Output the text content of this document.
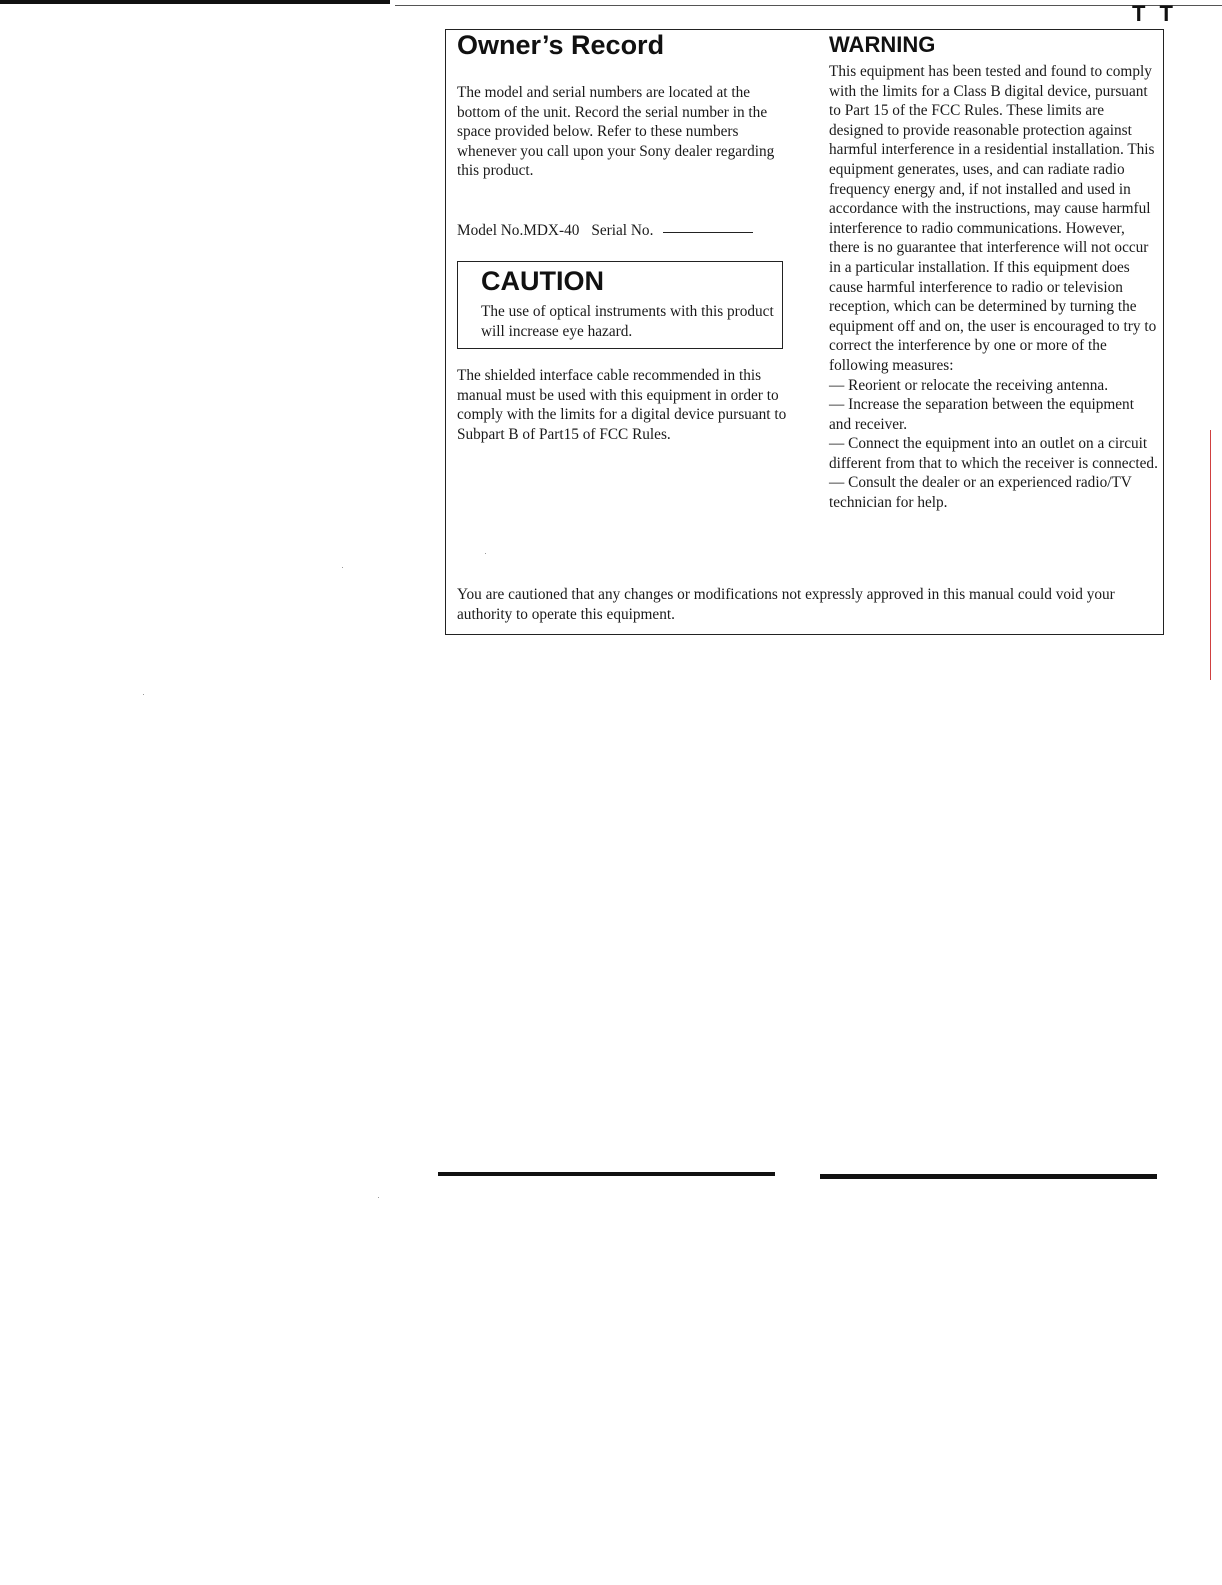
T T
Owner’s Record

The model and serial numbers are located at the bottom of the unit. Record the serial number in the space provided below. Refer to these numbers whenever you call upon your Sony dealer regarding this product.

Model No.MDX-40 Serial No.
CAUTION

The use of optical instruments with this product will increase eye hazard.

The shielded interface cable recommended in this manual must be used with this equipment in order to comply with the limits for a digital device pursuant to Subpart B of Part15 of FCC Rules.

WARNING
This equipment has been tested and found to comply with the limits for a Class B digital device, pursuant to Part 15 of the FCC Rules. These limits are designed to provide reasonable protection against harmful interference in a residential installation. This equipment generates, uses, and can radiate radio frequency energy and, if not installed and used in accordance with the instructions, may cause harmful interference to radio communications. However, there is no guarantee that interference will not occur in a particular installation. If this equipment does cause harmful interference to radio or television reception, which can be determined by turning the equipment off and on, the user is encouraged to try to correct the interference by one or more of the following measures:
— Reorient or relocate the receiving antenna.
— Increase the separation between the equipment and receiver.
— Connect the equipment into an outlet on a circuit different from that to which the receiver is connected.
— Consult the dealer or an experienced radio/TV technician for help.

You are cautioned that any changes or modifications not expressly approved in this manual could void your authority to operate this equipment.
